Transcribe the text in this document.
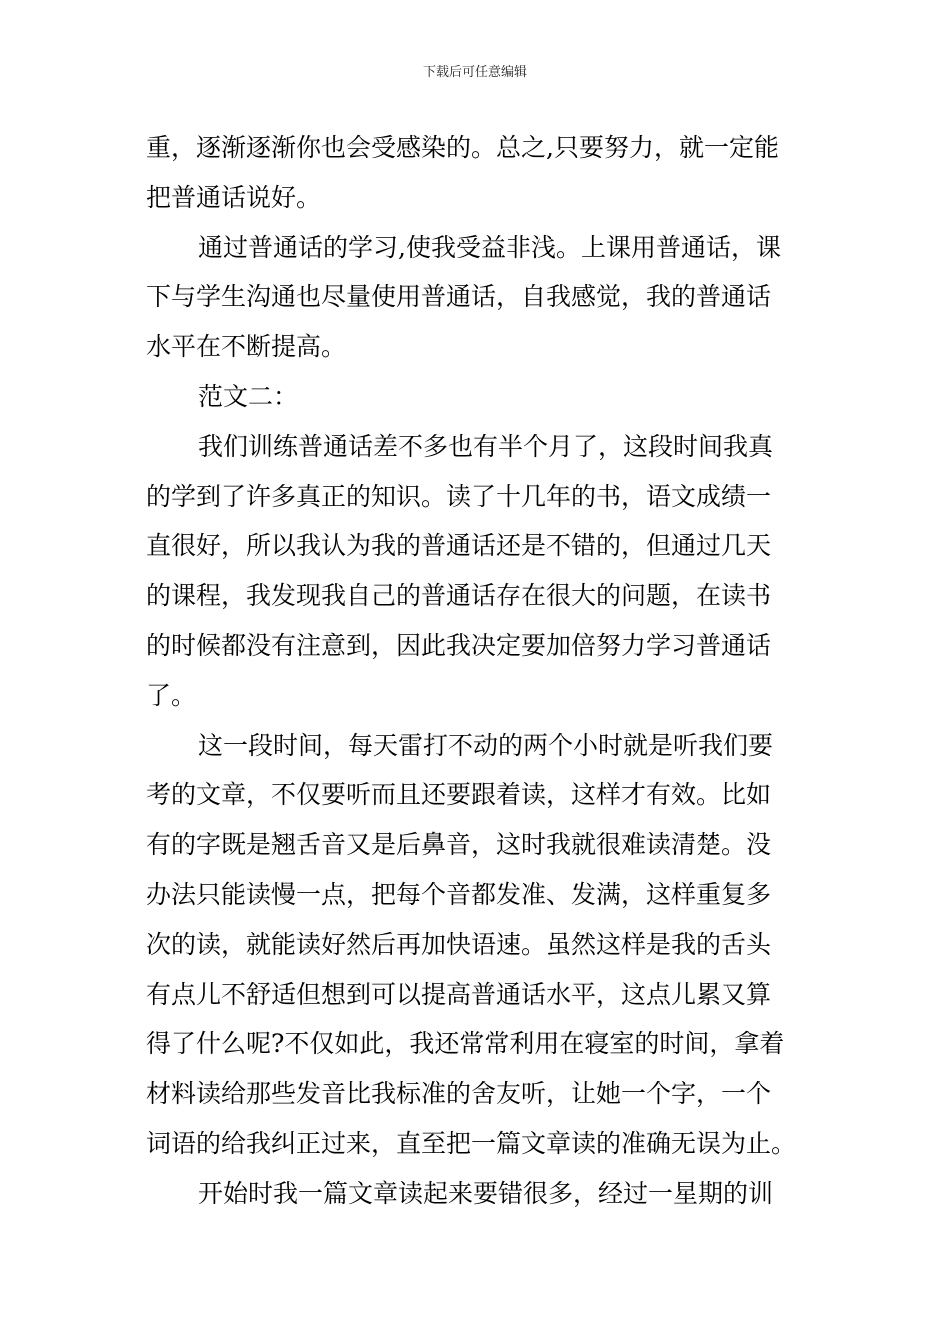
下载后可任意编辑
重，逐渐逐渐你也会受感染的。总之,只要努力，就一定能
把普通话说好。
通过普通话的学习,使我受益非浅。上课用普通话，课
下与学生沟通也尽量使用普通话，自我感觉，我的普通话
水平在不断提高。
范文二：
我们训练普通话差不多也有半个月了，这段时间我真
的学到了许多真正的知识。读了十几年的书，语文成绩一
直很好，所以我认为我的普通话还是不错的，但通过几天
的课程，我发现我自己的普通话存在很大的问题，在读书
的时候都没有注意到，因此我决定要加倍努力学习普通话
了。
这一段时间，每天雷打不动的两个小时就是听我们要
考的文章，不仅要听而且还要跟着读，这样才有效。比如
有的字既是翘舌音又是后鼻音，这时我就很难读清楚。没
办法只能读慢一点，把每个音都发准、发满，这样重复多
次的读，就能读好然后再加快语速。虽然这样是我的舌头
有点儿不舒适但想到可以提高普通话水平，这点儿累又算
得了什么呢?不仅如此，我还常常利用在寝室的时间，拿着
材料读给那些发音比我标准的舍友听，让她一个字，一个
词语的给我纠正过来，直至把一篇文章读的准确无误为止。
开始时我一篇文章读起来要错很多，经过一星期的训
